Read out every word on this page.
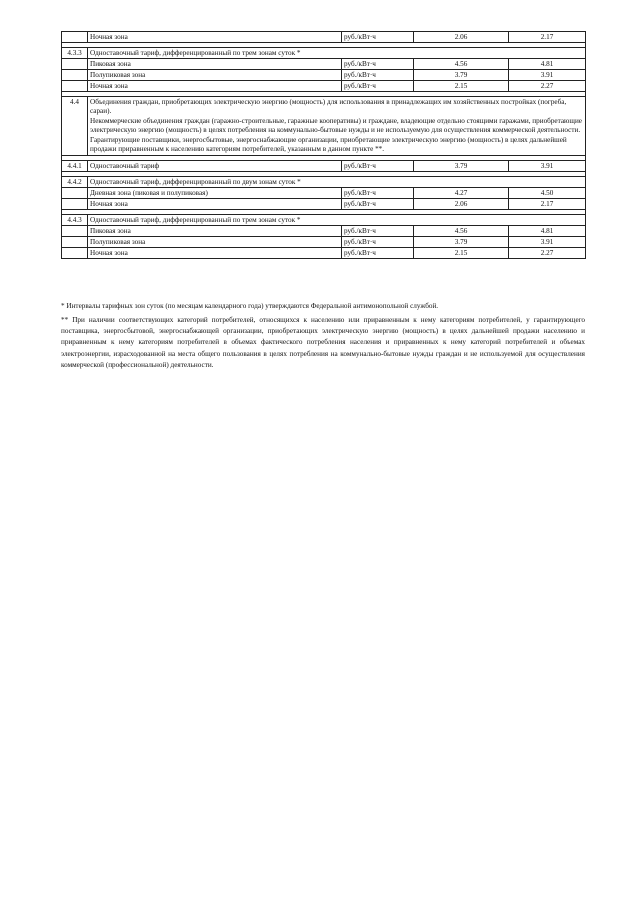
	Ночная зона	руб./кВт·ч	2.06	2.17

4.3.3	Одноставочный тариф, дифференцированный по трем зонам суток *			
	Пиковая зона	руб./кВт·ч	4.56	4.81
	Полупиковая зона	руб./кВт·ч	3.79	3.91
	Ночная зона	руб./кВт·ч	2.15	2.27

4.4	Объединения граждан, приобретающих электрическую энергию (мощность) для использования в принадлежащих им хозяйственных постройках (погреба, сараи).

Некоммерческие объединения граждан (гаражно-строительные, гаражные кооперативы) и граждане, владеющие отдельно стоящими гаражами, приобретающие электрическую энергию (мощность) в целях потребления на коммунально-бытовые нужды и не используемую для осуществления коммерческой деятельности.

Гарантирующие поставщики, энергосбытовые, энергоснабжающие организации, приобретающие электрическую энергию (мощность) в целях дальнейшей продажи приравненным к населению категориям потребителей, указанным в данном пункте **.			

4.4.1	Одноставочный тариф	руб./кВт·ч	3.79	3.91

4.4.2	Одноставочный тариф, дифференцированный по двум зонам суток *			
	Дневная зона (пиковая и полупиковая)	руб./кВт·ч	4.27	4.50
	Ночная зона	руб./кВт·ч	2.06	2.17

4.4.3	Одноставочный тариф, дифференцированный по трем зонам суток *			
	Пиковая зона	руб./кВт·ч	4.56	4.81
	Полупиковая зона	руб./кВт·ч	3.79	3.91
	Ночная зона	руб./кВт·ч	2.15	2.27

* Интервалы тарифных зон суток (по месяцам календарного года) утверждаются Федеральной антимонопольной службой.

** При наличии соответствующих категорий потребителей, относящихся к населению или приравненным к нему категориям потребителей, у гарантирующего поставщика, энергосбытовой, энергоснабжающей организации, приобретающих электрическую энергию (мощность) в целях дальнейшей продажи населению и приравненным к нему категориям потребителей в объемах фактического потребления населения и приравненных к нему категорий потребителей и объемах электроэнергии, израсходованной на места общего пользования в целях потребления на коммунально-бытовые нужды граждан и не используемой для осуществления коммерческой (профессиональной) деятельности.
